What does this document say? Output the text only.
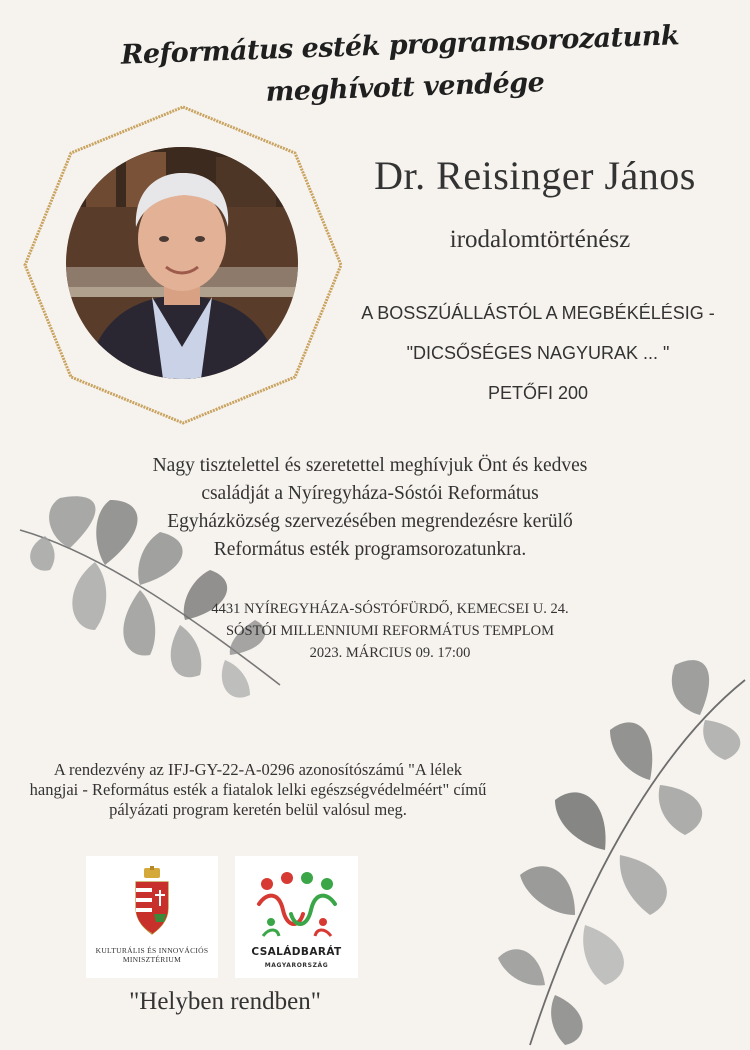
Református esték programsorozatunk
meghívott vendége
Dr. Reisinger János
irodalomtörténész
A BOSSZÚÁLLÁSTÓL A MEGBÉKÉLÉSIG -
"DICSŐSÉGES NAGYURAK ... "
PETŐFI 200
Nagy tisztelettel és szeretettel meghívjuk Önt és kedves családját a Nyíregyháza-Sóstói Református Egyházközség szervezésében megrendezésre kerülő Református esték programsorozatunkra.
4431 NYÍREGYHÁZA-SÓSTÓFÜRDŐ, KEMECSEI U. 24.
SÓSTÓI MILLENNIUMI REFORMÁTUS TEMPLOM
2023. MÁRCIUS 09. 17:00
A rendezvény az IFJ-GY-22-A-0296 azonosítószámú "A lélek hangjai - Református esték a fiatalok lelki egészségvédelméért" című pályázati program keretén belül valósul meg.
KULTURÁLIS ÉS INNOVÁCIÓS MINISZTÉRIUM
CSALÁDBARÁT
MAGYARORSZÁG
"Helyben rendben"
